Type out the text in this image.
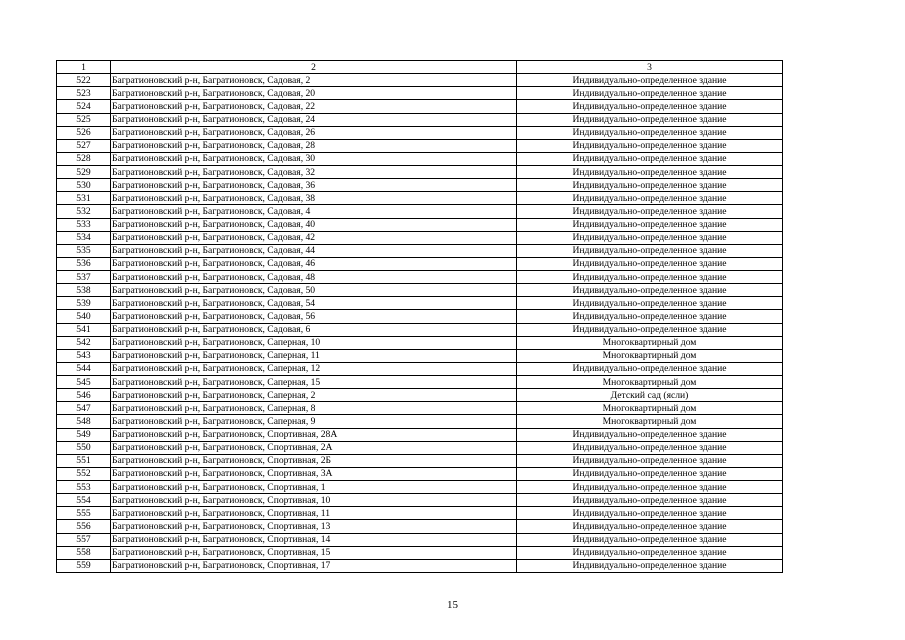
1	2	3
522	Багратионовский р-н, Багратионовск, Садовая, 2	Индивидуально-определенное здание
523	Багратионовский р-н, Багратионовск, Садовая, 20	Индивидуально-определенное здание
524	Багратионовский р-н, Багратионовск, Садовая, 22	Индивидуально-определенное здание
525	Багратионовский р-н, Багратионовск, Садовая, 24	Индивидуально-определенное здание
526	Багратионовский р-н, Багратионовск, Садовая, 26	Индивидуально-определенное здание
527	Багратионовский р-н, Багратионовск, Садовая, 28	Индивидуально-определенное здание
528	Багратионовский р-н, Багратионовск, Садовая, 30	Индивидуально-определенное здание
529	Багратионовский р-н, Багратионовск, Садовая, 32	Индивидуально-определенное здание
530	Багратионовский р-н, Багратионовск, Садовая, 36	Индивидуально-определенное здание
531	Багратионовский р-н, Багратионовск, Садовая, 38	Индивидуально-определенное здание
532	Багратионовский р-н, Багратионовск, Садовая, 4	Индивидуально-определенное здание
533	Багратионовский р-н, Багратионовск, Садовая, 40	Индивидуально-определенное здание
534	Багратионовский р-н, Багратионовск, Садовая, 42	Индивидуально-определенное здание
535	Багратионовский р-н, Багратионовск, Садовая, 44	Индивидуально-определенное здание
536	Багратионовский р-н, Багратионовск, Садовая, 46	Индивидуально-определенное здание
537	Багратионовский р-н, Багратионовск, Садовая, 48	Индивидуально-определенное здание
538	Багратионовский р-н, Багратионовск, Садовая, 50	Индивидуально-определенное здание
539	Багратионовский р-н, Багратионовск, Садовая, 54	Индивидуально-определенное здание
540	Багратионовский р-н, Багратионовск, Садовая, 56	Индивидуально-определенное здание
541	Багратионовский р-н, Багратионовск, Садовая, 6	Индивидуально-определенное здание
542	Багратионовский р-н, Багратионовск, Саперная, 10	Многоквартирный дом
543	Багратионовский р-н, Багратионовск, Саперная, 11	Многоквартирный дом
544	Багратионовский р-н, Багратионовск, Саперная, 12	Индивидуально-определенное здание
545	Багратионовский р-н, Багратионовск, Саперная, 15	Многоквартирный дом
546	Багратионовский р-н, Багратионовск, Саперная, 2	Детский сад (ясли)
547	Багратионовский р-н, Багратионовск, Саперная, 8	Многоквартирный дом
548	Багратионовский р-н, Багратионовск, Саперная, 9	Многоквартирный дом
549	Багратионовский р-н, Багратионовск, Спортивная, 28А	Индивидуально-определенное здание
550	Багратионовский р-н, Багратионовск, Спортивная, 2А	Индивидуально-определенное здание
551	Багратионовский р-н, Багратионовск, Спортивная, 2Б	Индивидуально-определенное здание
552	Багратионовский р-н, Багратионовск, Спортивная, 3А	Индивидуально-определенное здание
553	Багратионовский р-н, Багратионовск, Спортивная, 1	Индивидуально-определенное здание
554	Багратионовский р-н, Багратионовск, Спортивная, 10	Индивидуально-определенное здание
555	Багратионовский р-н, Багратионовск, Спортивная, 11	Индивидуально-определенное здание
556	Багратионовский р-н, Багратионовск, Спортивная, 13	Индивидуально-определенное здание
557	Багратионовский р-н, Багратионовск, Спортивная, 14	Индивидуально-определенное здание
558	Багратионовский р-н, Багратионовск, Спортивная, 15	Индивидуально-определенное здание
559	Багратионовский р-н, Багратионовск, Спортивная, 17	Индивидуально-определенное здание
15
